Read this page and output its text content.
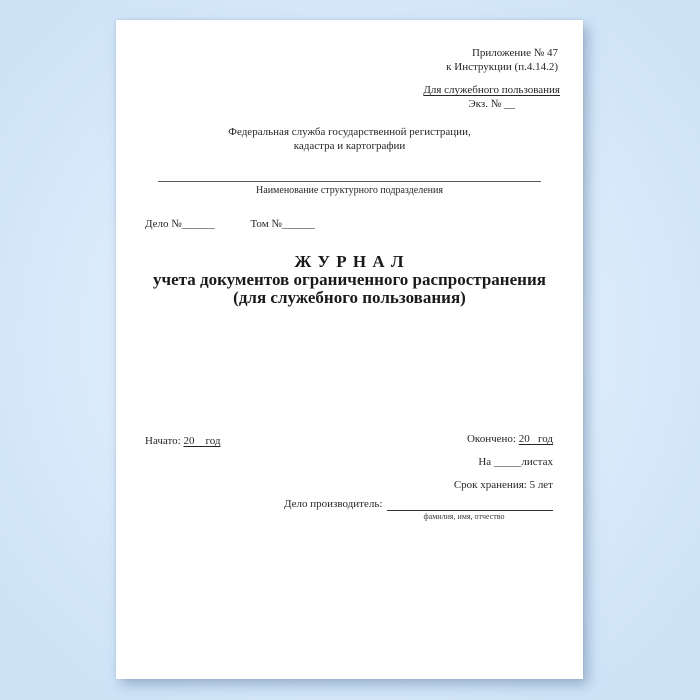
Приложение № 47
к Инструкции (п.4.14.2)
Для служебного пользования
Экз. № __
Федеральная служба государственной регистрации,
кадастра и картографии
Наименование структурного подразделения
Дело №______	Том №______
Ж У Р Н А Л
учета документов ограниченного распространения
(для служебного пользования)
Начато: 20    год	Окончено: 20   год
На _____листах
Срок хранения: 5 лет
Дело производитель:
фамилия, имя, отчество
